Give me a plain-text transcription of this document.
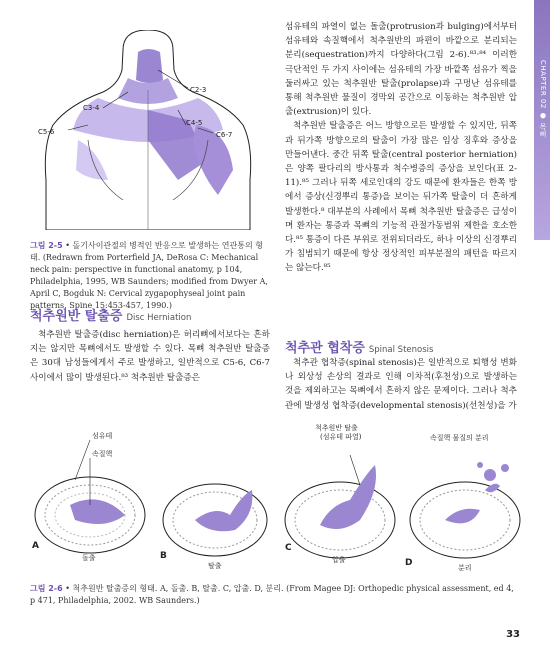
CHAPTER 02 ● 목뼈
C2-3
C3-4
C4-5
C5-6	C6-7
그림 2-5 • 돌기사이관절의 병적인 반응으로 발생하는 연관통의 형태. (Redrawn from Porterfield JA, DeRosa C: Mechanical neck pain: perspective in functional anatomy, p 104, Philadelphia, 1995, WB Saunders; modified from Dwyer A, April C, Bogduk N: Cervical zygapophyseal joint pain patterns, Spine 15:453-457, 1990.)
척추원반 탈출증 Disc Herniation

척추원반 탈출증(disc herniation)은 허리뼈에서보다는 흔하지는 않지만 목뼈에서도 발생할 수 있다. 목뼈 척추원반 탈출증은 30대 남성들에게서 주로 발생하고, 일반적으로 C5-6, C6-7 사이에서 많이 발생된다.⁸³ 척추원반 탈출증은

섬유테의 파열이 없는 돌출(protrusion과 bulging)에서부터 섬유테와 속질핵에서 척추원반의 파편이 바깥으로 분리되는 분리(sequestration)까지 다양하다(그림 2-6).⁸³·⁸⁴ 이러한 극단적인 두 가지 사이에는 섬유테의 가장 바깥쪽 섬유가 찍을 둘러싸고 있는 척추원반 탈출(prolapse)과 구멍난 섬유테를 통해 척추원반 물질이 경막외 공간으로 이동하는 척추원반 압출(extrusion)이 있다.

척추원반 탈출증은 어느 방향으로든 발생할 수 있지만, 뒤쪽과 뒤가쪽 방향으로의 탈출이 가장 많은 임상 징후와 증상을 만들어낸다. 중간 뒤쪽 탈출(central posterior herniation)은 양쪽 팔다리의 방사통과 척수병증의 증상을 보인다(표 2-11).⁸⁵ 그러나 뒤쪽 세로인대의 강도 때문에 환자들은 한쪽 방에서 증상(신경뿌리 통증)을 보이는 뒤가쪽 탈출이 더 흔하게 발생한다.⁸ 대부분의 사례에서 목뼈 척추원반 탈출증은 급성이며 환자는 통증과 목뼈의 기능적 관절가동범위 제한을 호소한다.⁸⁵ 통증이 다른 부위로 전위되더라도, 하나 이상의 신경뿌리가 침범되기 때문에 항상 정상적인 피부분절의 패턴을 따르지는 않는다.⁸⁵

척추관 협착증 Spinal Stenosis

척추관 협착증(spinal stenosis)은 일반적으로 퇴행성 변화나 외상성 손상의 결과로 인해 이차적(후천성)으로 발생하는 것을 제외하고는 목뼈에서 흔하지 않은 문제이다. 그러나 척추관에 발생성 협착증(developmental stenosis)(선천성)을 가

섬유테
속질핵
척추원반 탈출 (섬유테 파열)	속질핵 물질의 분리
A
B
C
D
돌출
탈출
압출
분리
그림 2-6 • 척추원반 탈출증의 형태. A, 돌출. B, 탈출. C, 압출. D, 분리. (From Magee DJ: Orthopedic physical assessment, ed 4, p 471, Philadelphia, 2002. WB Saunders.)
33
